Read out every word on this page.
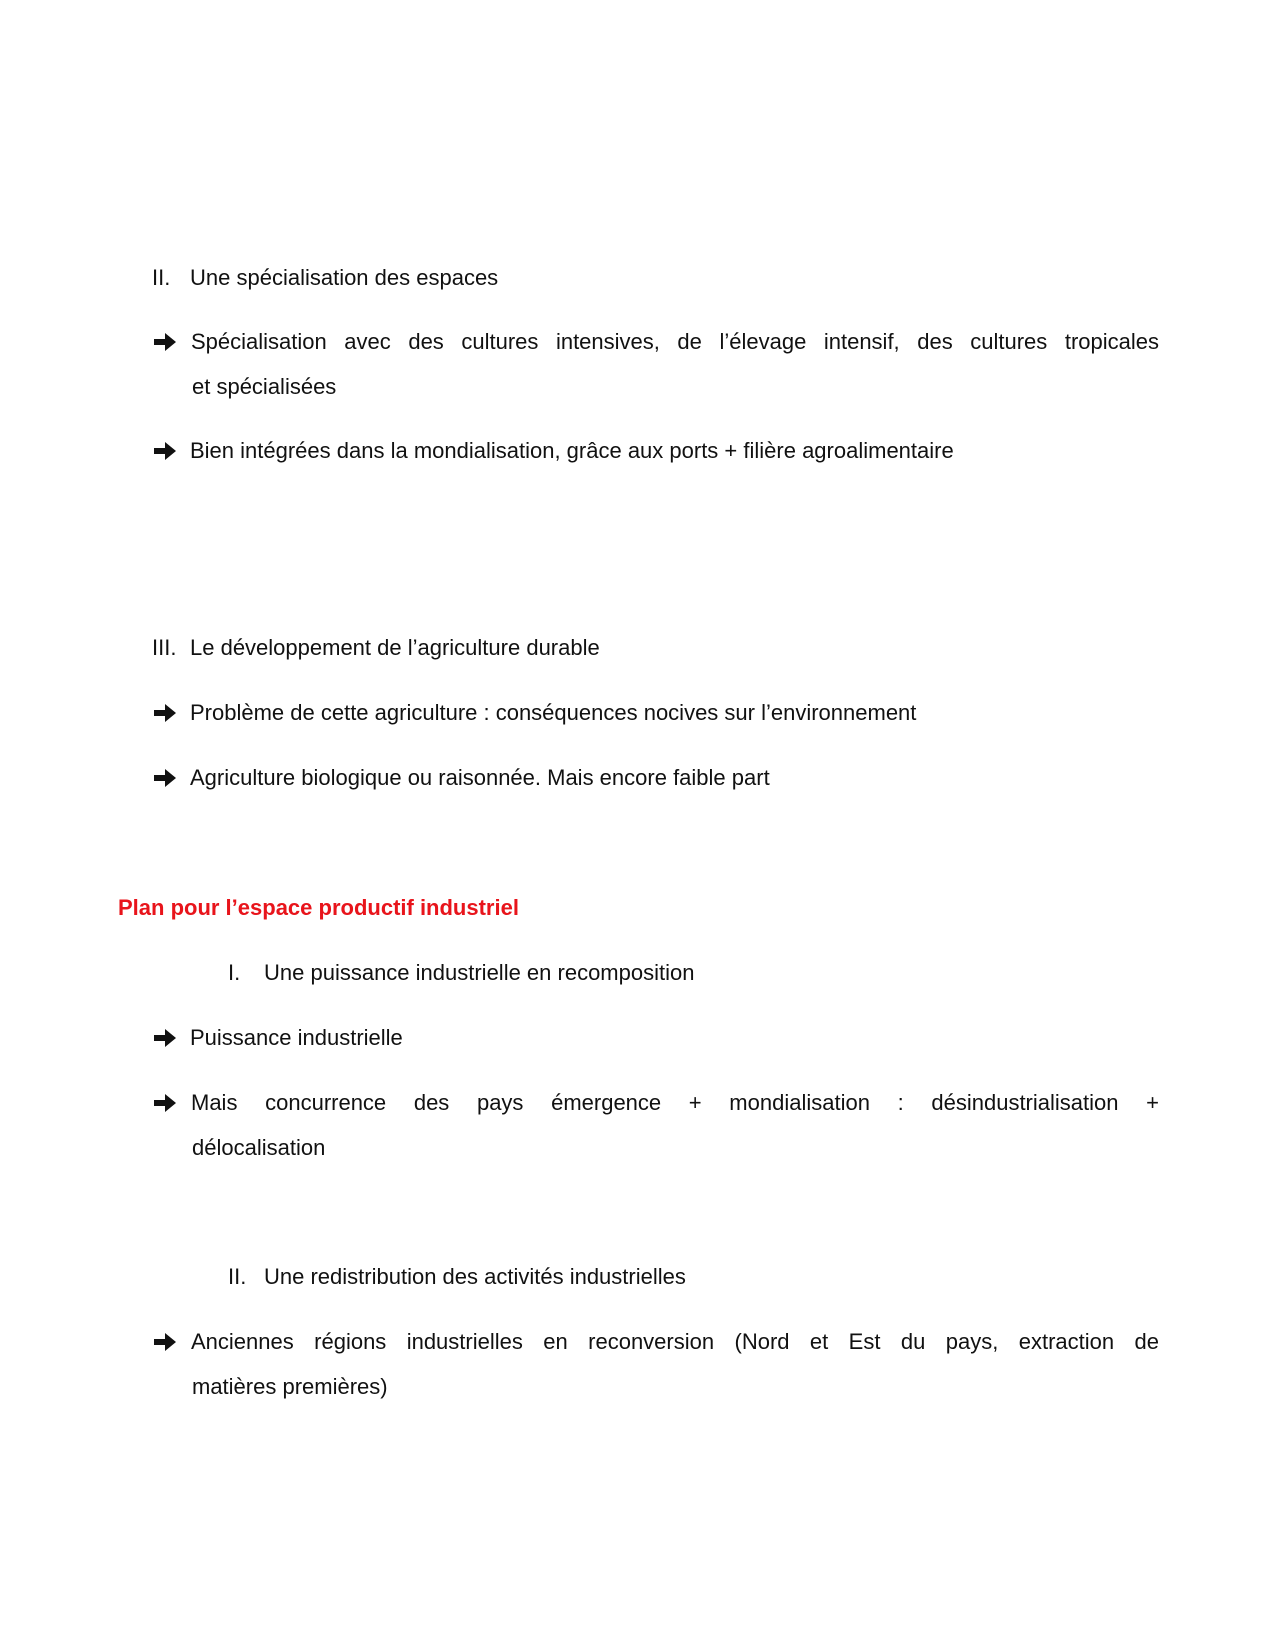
II. Une spécialisation des espaces
Spécialisation avec des cultures intensives, de l’élevage intensif, des cultures tropicales
et spécialisées
Bien intégrées dans la mondialisation, grâce aux ports + filière agroalimentaire
III. Le développement de l’agriculture durable
Problème de cette agriculture : conséquences nocives sur l’environnement
Agriculture biologique ou raisonnée. Mais encore faible part
Plan pour l’espace productif industriel
I. Une puissance industrielle en recomposition
Puissance industrielle
Mais concurrence des pays émergence + mondialisation : désindustrialisation +
délocalisation
II. Une redistribution des activités industrielles
Anciennes régions industrielles en reconversion (Nord et Est du pays, extraction de
matières premières)
